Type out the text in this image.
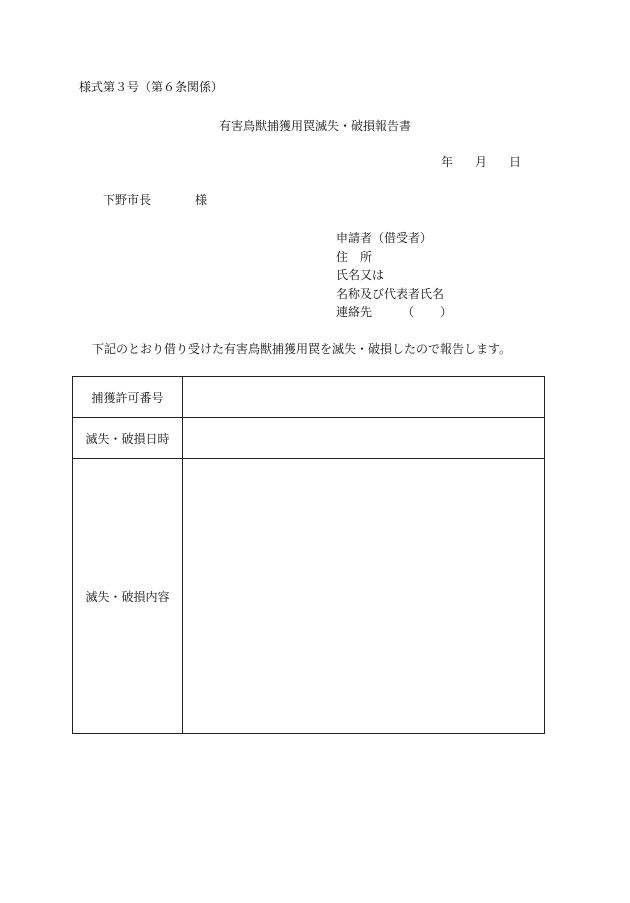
様式第３号（第６条関係）
有害鳥獣捕獲用罠滅失・破損報告書
年 月 日
下野市長	様
申請者（借受者）
住　所
氏名又は
名称及び代表者氏名
連絡先	（ ）
下記のとおり借り受けた有害鳥獣捕獲用罠を滅失・破損したので報告します。
捕獲許可番号	
滅失・破損日時	
滅失・破損内容	
